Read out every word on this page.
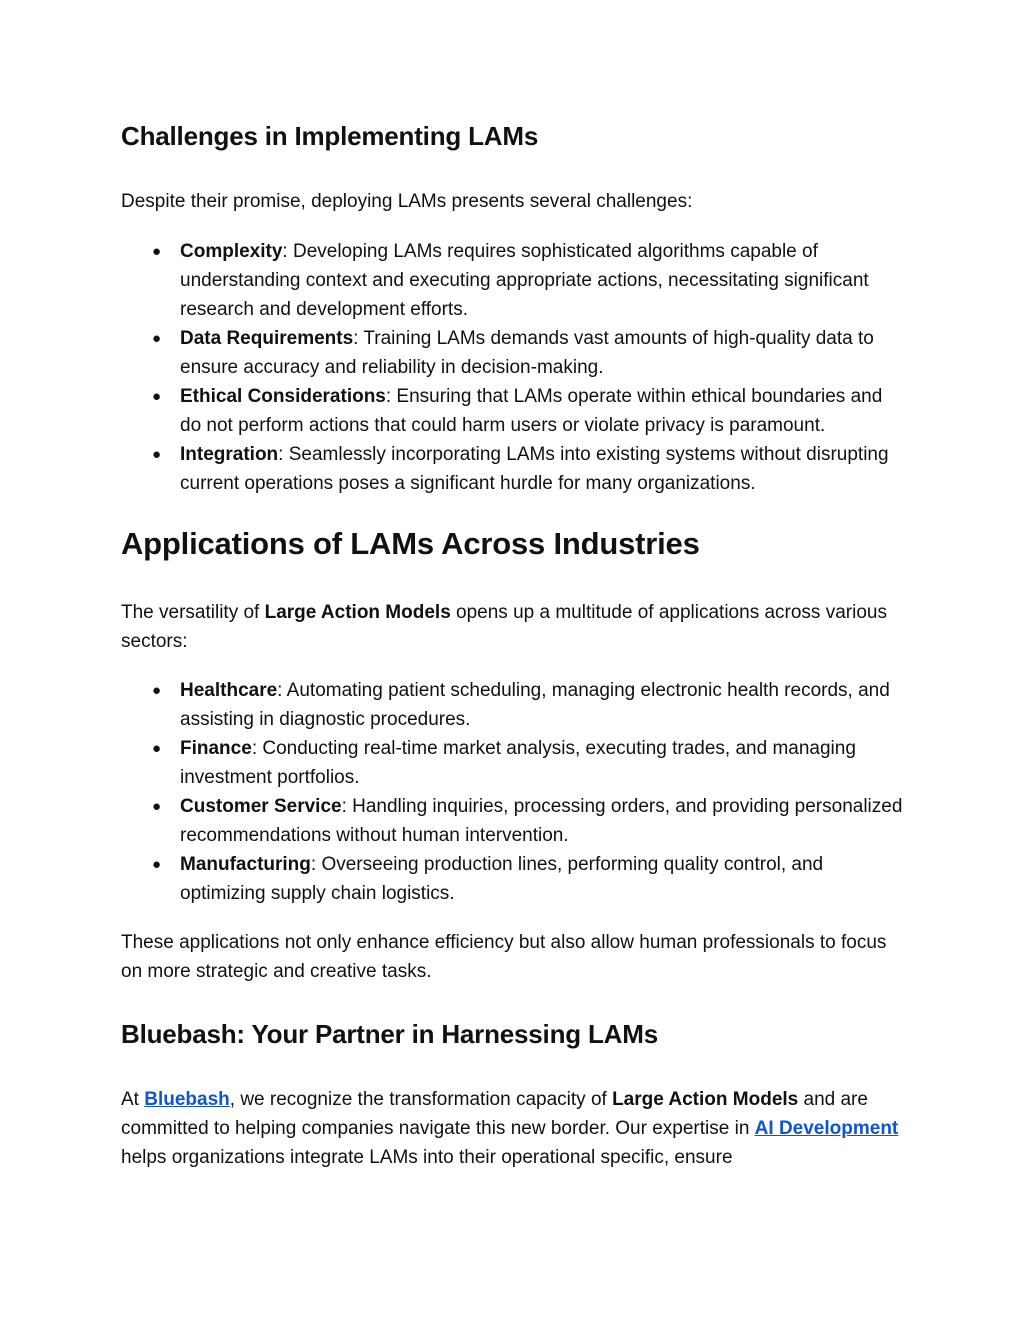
Challenges in Implementing LAMs

Despite their promise, deploying LAMs presents several challenges:

● Complexity: Developing LAMs requires sophisticated algorithms capable of understanding context and executing appropriate actions, necessitating significant research and development efforts.
● Data Requirements: Training LAMs demands vast amounts of high-quality data to ensure accuracy and reliability in decision-making.
● Ethical Considerations: Ensuring that LAMs operate within ethical boundaries and do not perform actions that could harm users or violate privacy is paramount.
● Integration: Seamlessly incorporating LAMs into existing systems without disrupting current operations poses a significant hurdle for many organizations.
Applications of LAMs Across Industries

The versatility of Large Action Models opens up a multitude of applications across various sectors:

● Healthcare: Automating patient scheduling, managing electronic health records, and assisting in diagnostic procedures.
● Finance: Conducting real-time market analysis, executing trades, and managing investment portfolios.
● Customer Service: Handling inquiries, processing orders, and providing personalized recommendations without human intervention.
● Manufacturing: Overseeing production lines, performing quality control, and optimizing supply chain logistics.

These applications not only enhance efficiency but also allow human professionals to focus on more strategic and creative tasks.

Bluebash: Your Partner in Harnessing LAMs

At Bluebash, we recognize the transformation capacity of Large Action Models and are committed to helping companies navigate this new border. Our expertise in AI Development helps organizations integrate LAMs into their operational specific, ensure
